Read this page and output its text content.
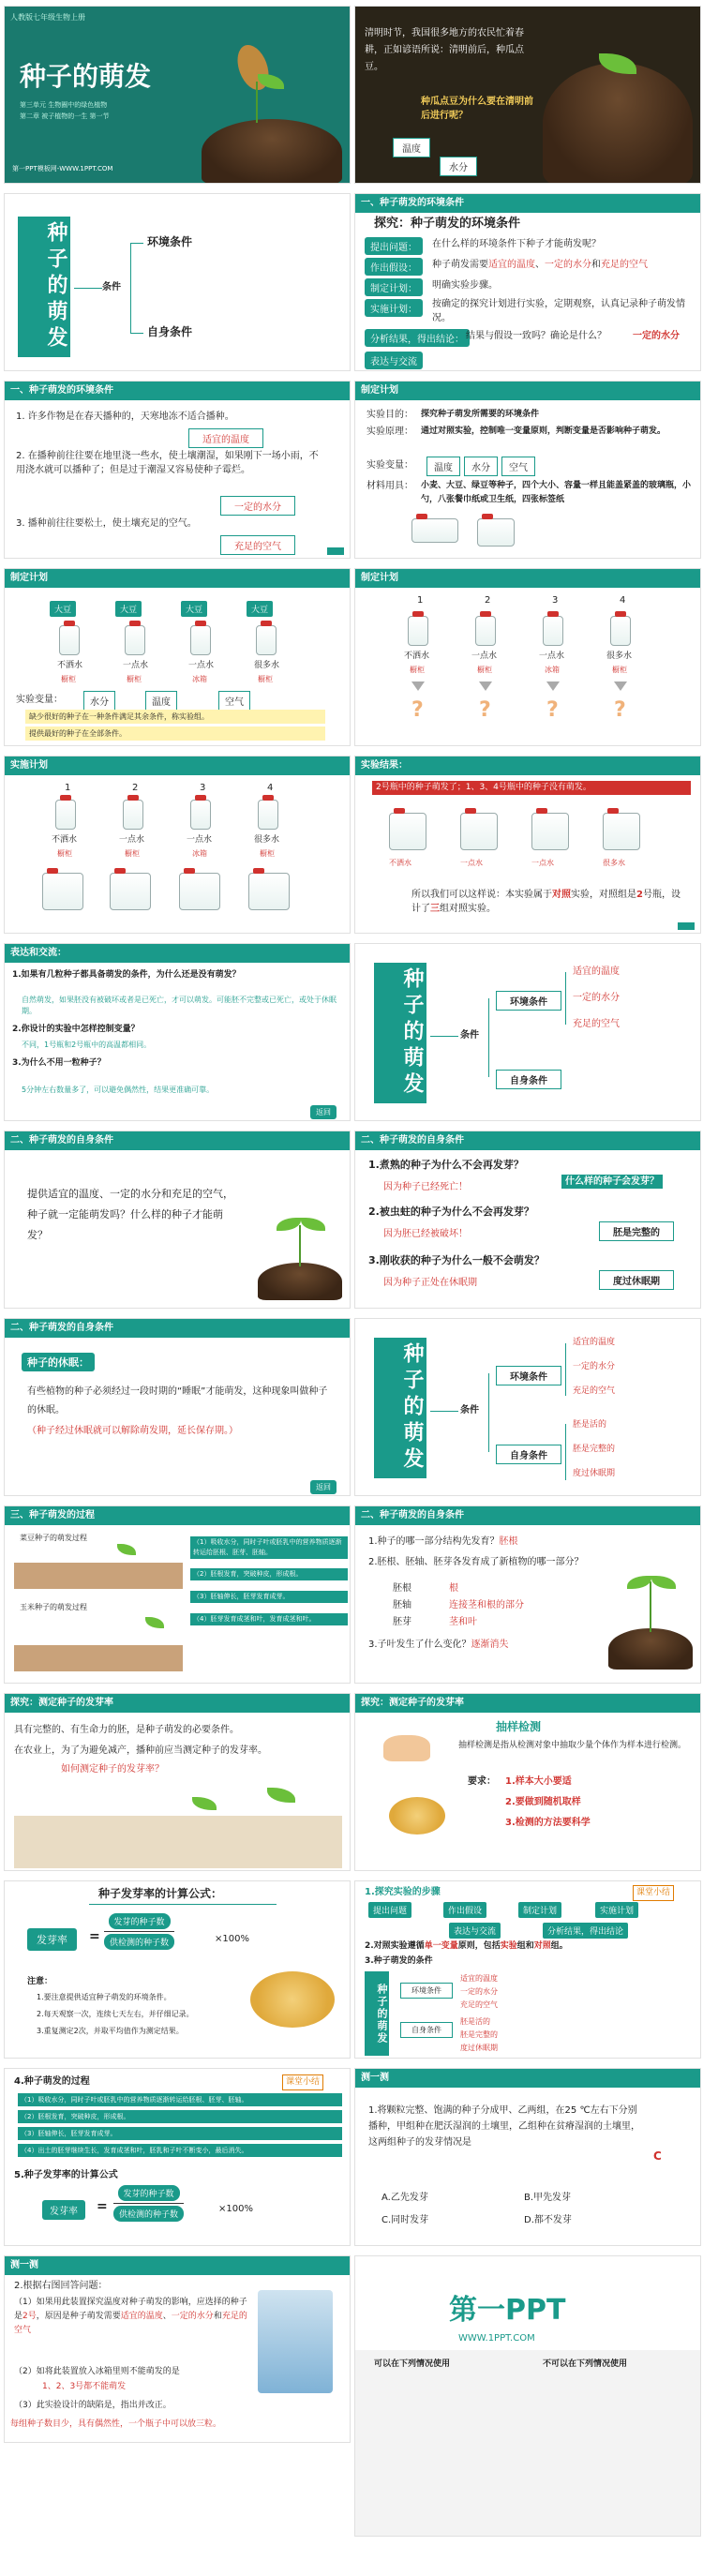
人教版七年级生物上册
种子的萌发
第三单元 生物圈中的绿色植物
第二章 被子植物的一生 第一节
第一PPT模板网-WWW.1PPT.COM
清明时节，我国很多地方的农民忙着春耕，正如谚语所说：清明前后，种瓜点豆。
种瓜点豆为什么要在清明前后进行呢？
温度
水分
种子的萌发	条件
环境条件
自身条件
一、种子萌发的环境条件
探究：种子萌发的环境条件
提出问题：	在什么样的环境条件下种子才能萌发呢？
作出假设：	种子萌发需要适宜的温度、一定的水分和充足的空气
制定计划：	明确实验步骤。
实施计划：
按确定的探究计划进行实验，定期观察，认真记录种子萌发情况。
分析结果，得出结论： 结果与假设一致吗？确论是什么？	一定的水分
表达与交流
一、种子萌发的环境条件
1. 许多作物是在春天播种的，天寒地冻不适合播种。
适宜的温度
2. 在播种前往往要在地里浇一些水，使土壤潮湿，如果刚下一场小雨，不用浇水就可以播种了；但是过于潮湿又容易使种子霉烂。
一定的水分
3. 播种前往往要松土，使土壤充足的空气。
充足的空气
制定计划
实验目的： 探究种子萌发所需要的环境条件
实验原理： 通过对照实验，控制唯一变量原则，判断变量是否影响种子萌发。
实验变量：	温度	水分	空气
材料用具： 小麦、大豆、绿豆等种子，四个大小、容量一样且能盖紧盖的玻璃瓶，小勺，八张餐巾纸或卫生纸，四张标签纸
制定计划
大豆	大豆	大豆	大豆
不洒水	一点水	一点水	很多水
橱柜	橱柜	冰箱	橱柜
实验变量：	水分	温度	空气
缺少很好的种子在一种条件满足其余条件，称实验组。
提供最好的种子在全部条件。
制定计划
1	2	3	4
不洒水	一点水	一点水	很多水
橱柜	橱柜	冰箱	橱柜
?	?	?	?
实施计划
1	2	3	4
不洒水	一点水	一点水	很多水
橱柜	橱柜	冰箱	橱柜
实验结果：
2号瓶中的种子萌发了；1、3、4号瓶中的种子没有萌发。
不洒水	一点水	一点水	很多水
所以我们可以这样说：本实验属于对照实验，对照组是2号瓶，设计了三组对照实验。
表达和交流：
1.如果有几粒种子都具备萌发的条件，为什么还是没有萌发？
自然萌发，如果胚没有被破坏或者是已死亡，才可以萌发。可能胚不完整或已死亡，或处于休眠期。
2.你设计的实验中怎样控制变量？
不同，1号瓶和2号瓶中的高温都相同。
3.为什么不用一粒种子？
5分钟左右数量多了，可以避免偶然性，结果更准确可靠。
返回
种子的萌发	条件
环境条件
自身条件
适宜的温度
一定的水分
充足的空气
二、种子萌发的自身条件
提供适宜的温度、一定的水分和充足的空气，种子就一定能萌发吗？什么样的种子才能萌发？
二、种子萌发的自身条件
1.煮熟的种子为什么不会再发芽？
什么样的种子会发芽？
因为种子已经死亡！
2.被虫蛀的种子为什么不会再发芽？
胚是完整的
因为胚已经被破坏！
3.刚收获的种子为什么一般不会萌发？
度过休眠期
因为种子正处在休眠期
二、种子萌发的自身条件
种子的休眠：
有些植物的种子必须经过一段时期的“睡眠”才能萌发，这种现象叫做种子的休眠。
（种子经过休眠就可以解除萌发期，延长保存期。）
返回
种子的萌发	条件
环境条件
自身条件
适宜的温度
一定的水分
充足的空气
胚是活的
胚是完整的
度过休眠期
三、种子萌发的过程
菜豆种子的萌发过程
玉米种子的萌发过程
（1）吸收水分，同时子叶或胚乳中的营养物质逐渐转运给胚根、胚芽、胚轴。
（2）胚根发育，突破种皮，形成根。
（3）胚轴伸长，胚芽发育成芽。
（4）胚芽发育成茎和叶，发育成茎和叶。
二、种子萌发的自身条件
1.种子的哪一部分结构先发育？胚根
2.胚根、胚轴、胚芽各发育成了新植物的哪一部分？
胚根	根
胚轴	连接茎和根的部分
胚芽	茎和叶
3.子叶发生了什么变化？逐渐消失
探究：测定种子的发芽率
具有完整的、有生命力的胚，是种子萌发的必要条件。
在农业上，为了为避免减产，播种前应当测定种子的发芽率。
如何测定种子的发芽率？
探究：测定种子的发芽率
抽样检测
抽样检测是指从检测对象中抽取少量个体作为样本进行检测。
要求： 1.样本大小要适
2.要做到随机取样
3.检测的方法要科学
种子发芽率的计算公式：
发芽率	=
发芽的种子数
供检测的种子数	×100%
注意：
1.要注意提供适宜种子萌发的环境条件。
2.每天观察一次，连续七天左右，并仔细记录。
3.重复测定2次，并取平均值作为测定结果。
1.探究实验的步骤	课堂小结
提出问题	作出假设	制定计划	实施计划
表达与交流	分析结果，得出结论
2.对照实验遵循单一变量原则，包括实验组和对照组。
3.种子萌发的条件
种子的萌发	环境条件
自身条件
适宜的温度
一定的水分
充足的空气
胚是活的
胚是完整的
度过休眠期
4.种子萌发的过程	课堂小结
（1）吸收水分，同时子叶或胚乳中的营养物质逐渐转运给胚根、胚芽、胚轴。
（2）胚根发育，突破种皮，形成根。
（3）胚轴伸长，胚芽发育成芽。
（4）出土的胚芽继续生长，发育成茎和叶，胚乳和子叶不断变小，最后消失。
5.种子发芽率的计算公式
发芽率	=
发芽的种子数
供检测的种子数
×100%
测一测
1.将颗粒完整、饱满的种子分成甲、乙两组，在25 ℃左右下分别播种，甲组种在肥沃湿润的土壤里，乙组种在贫瘠湿润的土壤里，这两组种子的发芽情况是
C
A.乙先发芽	B.甲先发芽
C.同时发芽	D.都不发芽
测一测
2.根据右图回答问题：
（1）如果用此装置探究温度对种子萌发的影响，应选择的种子是2号，原因是种子萌发需要适宜的温度、一定的水分和充足的空气
（2）如将此装置放入冰箱里则不能萌发的是
1、2、3号都不能萌发
（3）此实验设计的缺陷是，指出并改正。
每组种子数目少，具有偶然性，一个瓶子中可以放三粒。
第一PPT
WWW.1PPT.COM
可以在下列情况使用	不可以在下列情况使用
